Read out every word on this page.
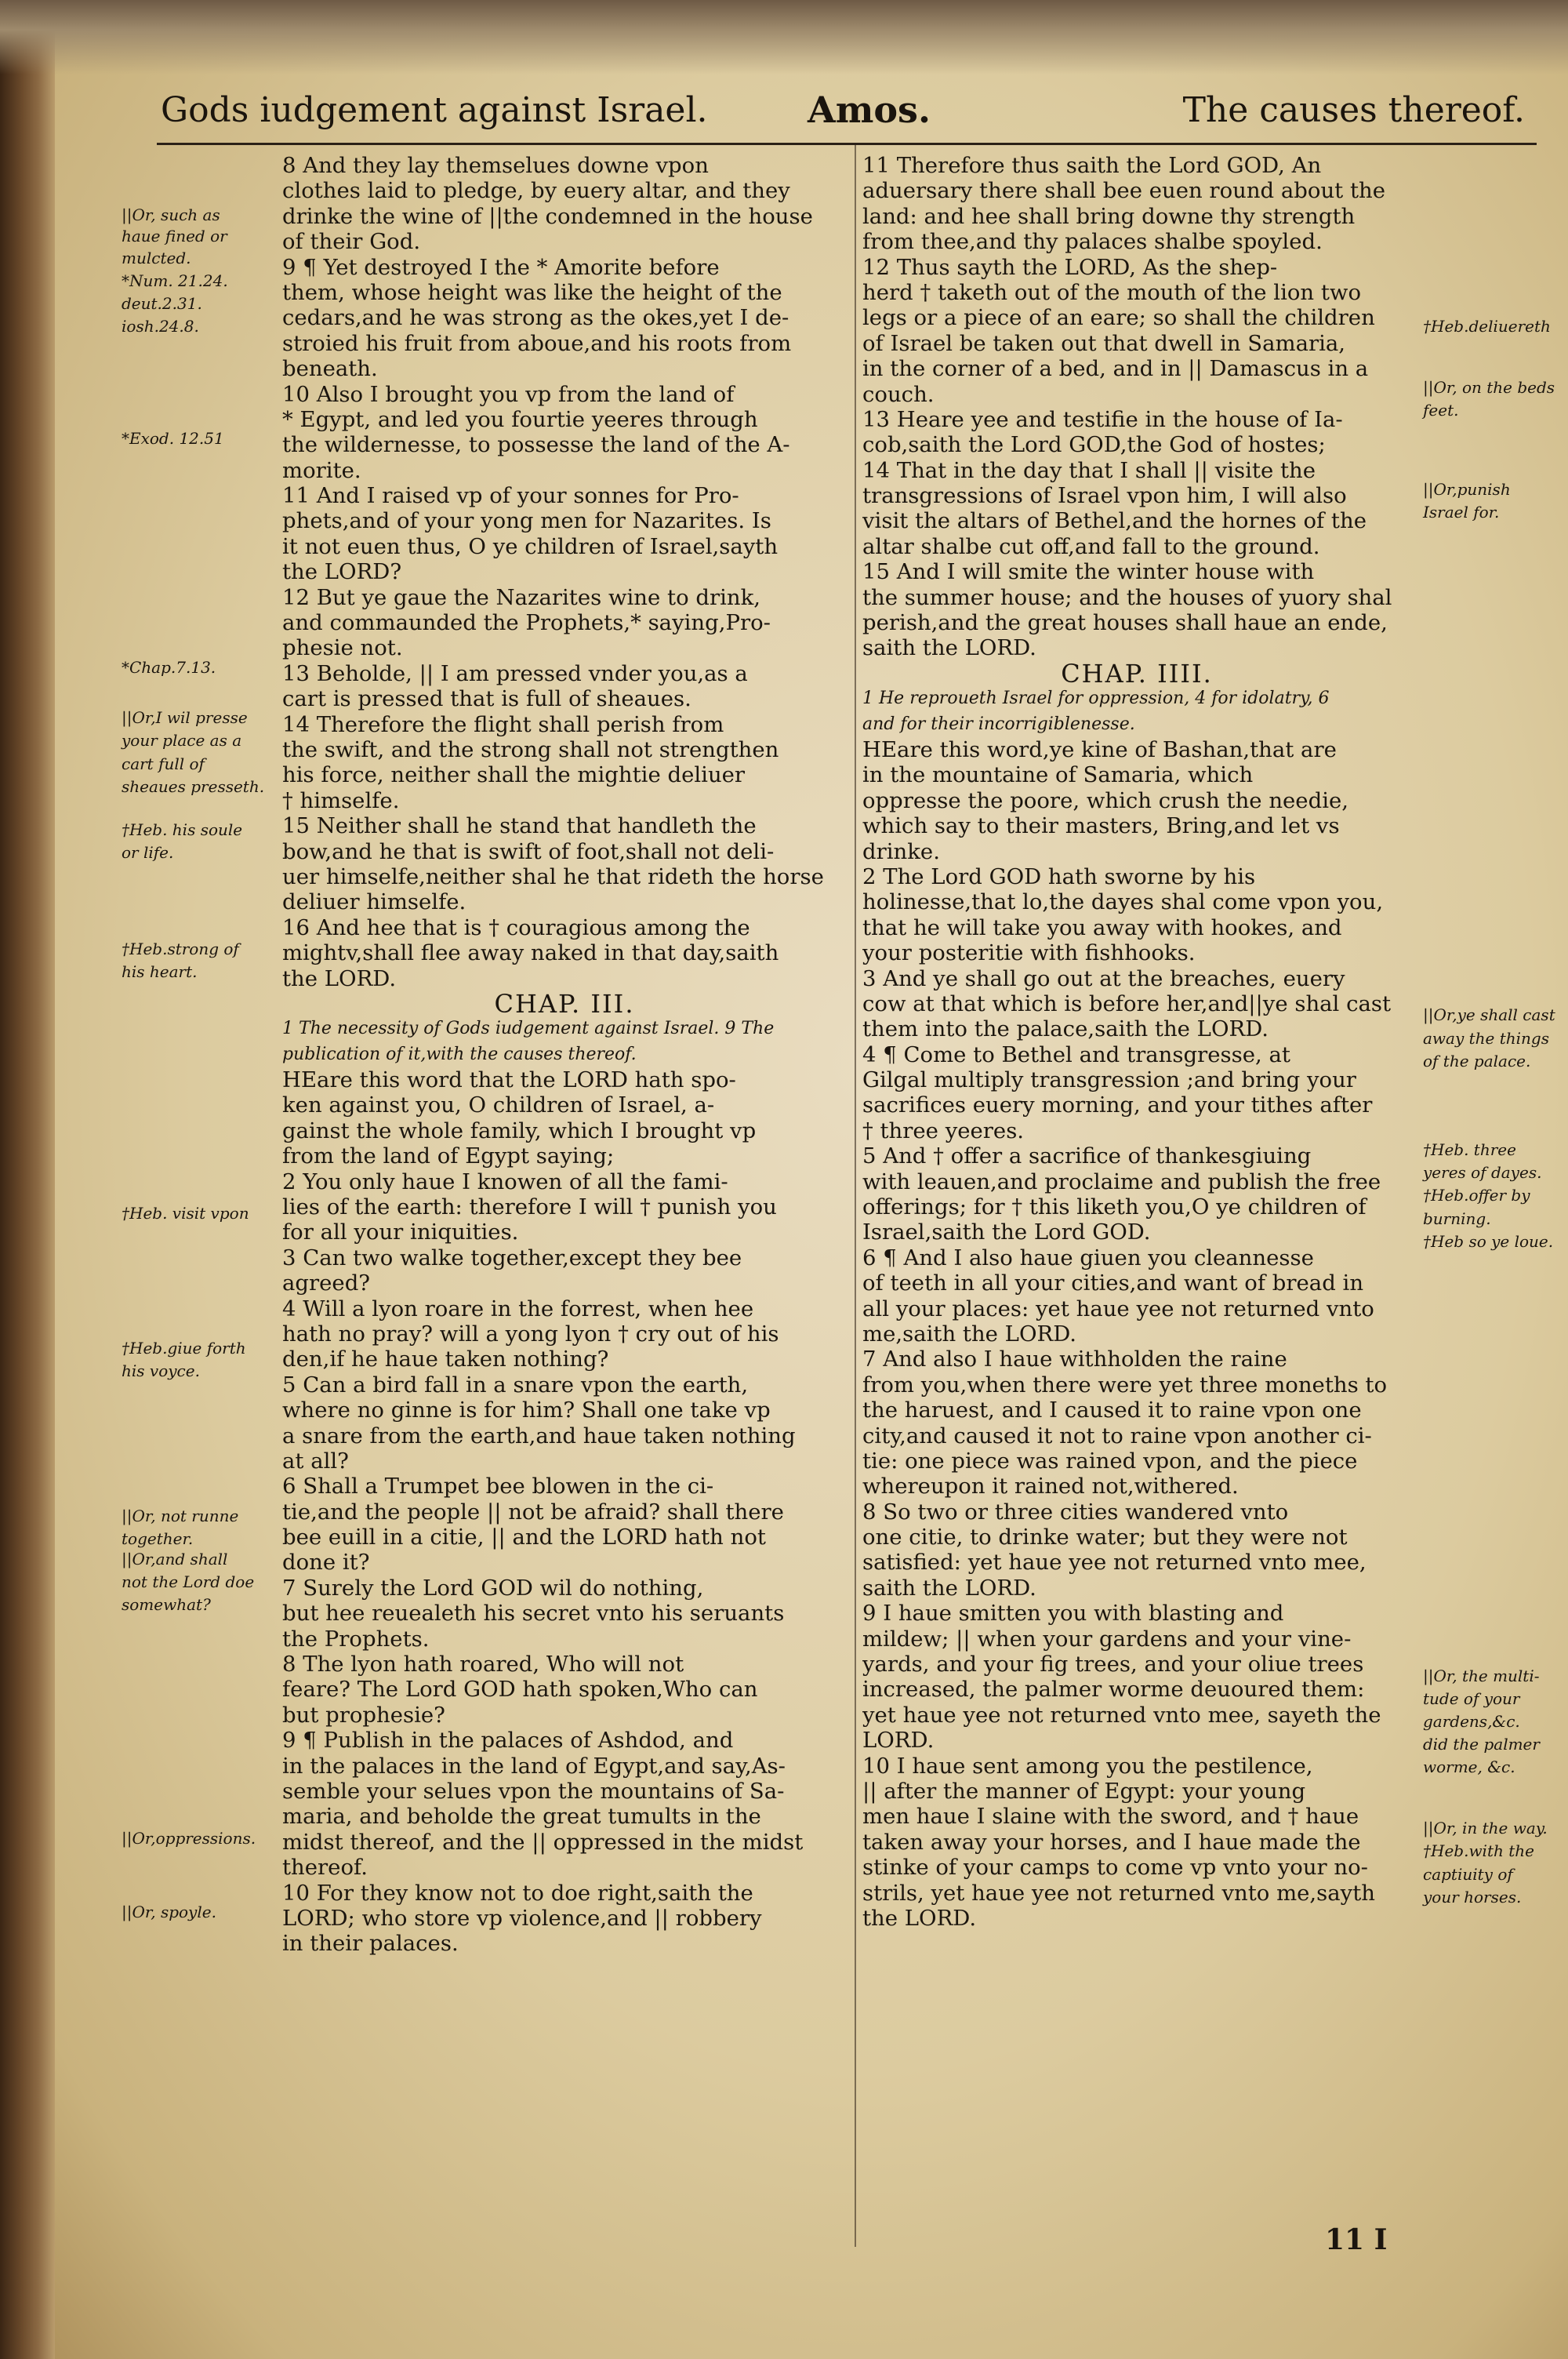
Gods iudgement against Israel.	Amos.	The causes thereof.
8 And they lay themselues downe vpon
clothes laid to pledge, by euery altar, and they
drinke the wine of ||the condemned in the house
of their God.
9 ¶ Yet destroyed I the * Amorite before
them, whose height was like the height of the
cedars,and he was strong as the okes,yet I de-
stroied his fruit from aboue,and his roots from
beneath.
10 Also I brought you vp from the land of
* Egypt, and led you fourtie yeeres through
the wildernesse, to possesse the land of the A-
morite.
11 And I raised vp of your sonnes for Pro-
phets,and of your yong men for Nazarites. Is
it not euen thus, O ye children of Israel,sayth
the LORD?
12 But ye gaue the Nazarites wine to drink,
and commaunded the Prophets,* saying,Pro-
phesie not.
13 Beholde, || I am pressed vnder you,as a
cart is pressed that is full of sheaues.
14 Therefore the flight shall perish from
the swift, and the strong shall not strengthen
his force, neither shall the mightie deliuer
† himselfe.
15 Neither shall he stand that handleth the
bow,and he that is swift of foot,shall not deli-
uer himselfe,neither shal he that rideth the horse
deliuer himselfe.
16 And hee that is † couragious among the
mightv,shall flee away naked in that day,saith
the LORD.
CHAP. III.
1 The necessity of Gods iudgement against Israel. 9 The
publication of it,with the causes thereof.
HEare this word that the LORD hath spo-
ken against you, O children of Israel, a-
gainst the whole family, which I brought vp
from the land of Egypt saying;
2 You only haue I knowen of all the fami-
lies of the earth: therefore I will † punish you
for all your iniquities.
3 Can two walke together,except they bee
agreed?
4 Will a lyon roare in the forrest, when hee
hath no pray? will a yong lyon † cry out of his
den,if he haue taken nothing?
5 Can a bird fall in a snare vpon the earth,
where no ginne is for him? Shall one take vp
a snare from the earth,and haue taken nothing
at all?
6 Shall a Trumpet bee blowen in the ci-
tie,and the people || not be afraid? shall there
bee euill in a citie, || and the LORD hath not
done it?
7 Surely the Lord GOD wil do nothing,
but hee reuealeth his secret vnto his seruants
the Prophets.
8 The lyon hath roared, Who will not
feare? The Lord GOD hath spoken,Who can
but prophesie?
9 ¶ Publish in the palaces of Ashdod, and
in the palaces in the land of Egypt,and say,As-
semble your selues vpon the mountains of Sa-
maria, and beholde the great tumults in the
midst thereof, and the || oppressed in the midst
thereof.
10 For they know not to doe right,saith the
LORD; who store vp violence,and || robbery
in their palaces.
11 Therefore thus saith the Lord GOD, An
aduersary there shall bee euen round about the
land: and hee shall bring downe thy strength
from thee,and thy palaces shalbe spoyled.
12 Thus sayth the LORD, As the shep-
herd † taketh out of the mouth of the lion two
legs or a piece of an eare; so shall the children
of Israel be taken out that dwell in Samaria,
in the corner of a bed, and in || Damascus in a
couch.
13 Heare yee and testifie in the house of Ia-
cob,saith the Lord GOD,the God of hostes;
14 That in the day that I shall || visite the
transgressions of Israel vpon him, I will also
visit the altars of Bethel,and the hornes of the
altar shalbe cut off,and fall to the ground.
15 And I will smite the winter house with
the summer house; and the houses of yuory shal
perish,and the great houses shall haue an ende,
saith the LORD.
CHAP. IIII.
1 He reproueth Israel for oppression, 4 for idolatry, 6
and for their incorrigiblenesse.
HEare this word,ye kine of Bashan,that are
in the mountaine of Samaria, which
oppresse the poore, which crush the needie,
which say to their masters, Bring,and let vs
drinke.
2 The Lord GOD hath sworne by his
holinesse,that lo,the dayes shal come vpon you,
that he will take you away with hookes, and
your posteritie with fishhooks.
3 And ye shall go out at the breaches, euery
cow at that which is before her,and||ye shal cast
them into the palace,saith the LORD.
4 ¶ Come to Bethel and transgresse, at
Gilgal multiply transgression ;and bring your
sacrifices euery morning, and your tithes after
† three yeeres.
5 And † offer a sacrifice of thankesgiuing
with leauen,and proclaime and publish the free
offerings; for † this liketh you,O ye children of
Israel,saith the Lord GOD.
6 ¶ And I also haue giuen you cleannesse
of teeth in all your cities,and want of bread in
all your places: yet haue yee not returned vnto
me,saith the LORD.
7 And also I haue withholden the raine
from you,when there were yet three moneths to
the haruest, and I caused it to raine vpon one
city,and caused it not to raine vpon another ci-
tie: one piece was rained vpon, and the piece
whereupon it rained not,withered.
8 So two or three cities wandered vnto
one citie, to drinke water; but they were not
satisfied: yet haue yee not returned vnto mee,
saith the LORD.
9 I haue smitten you with blasting and
mildew; || when your gardens and your vine-
yards, and your fig trees, and your oliue trees
increased, the palmer worme deuoured them:
yet haue yee not returned vnto mee, sayeth the
LORD.
10 I haue sent among you the pestilence,
|| after the manner of Egypt: your young
men haue I slaine with the sword, and † haue
taken away your horses, and I haue made the
stinke of your camps to come vp vnto your no-
strils, yet haue yee not returned vnto me,sayth
the LORD.
||Or, such as
haue fined or
mulcted.
*Num. 21.24.
deut.2.31.
iosh.24.8.
*Exod. 12.51
*Chap.7.13.
||Or,I wil presse
your place as a
cart full of
sheaues presseth.
†Heb. his soule
or life.
†Heb.strong of
his heart.
†Heb. visit vpon
†Heb.giue forth
his voyce.
||Or, not runne
together.
||Or,and shall
not the Lord doe
somewhat?
||Or,oppressions.
||Or, spoyle.
†Heb.deliuereth
||Or, on the beds
feet.
||Or,punish
Israel for.
||Or,ye shall cast
away the things
of the palace.
†Heb. three
yeres of dayes.
†Heb.offer by
burning.
†Heb so ye loue.
||Or, the multi-
tude of your
gardens,&c.
did the palmer
worme, &c.
||Or, in the way.
†Heb.with the
captiuity of
your horses.
11 I
